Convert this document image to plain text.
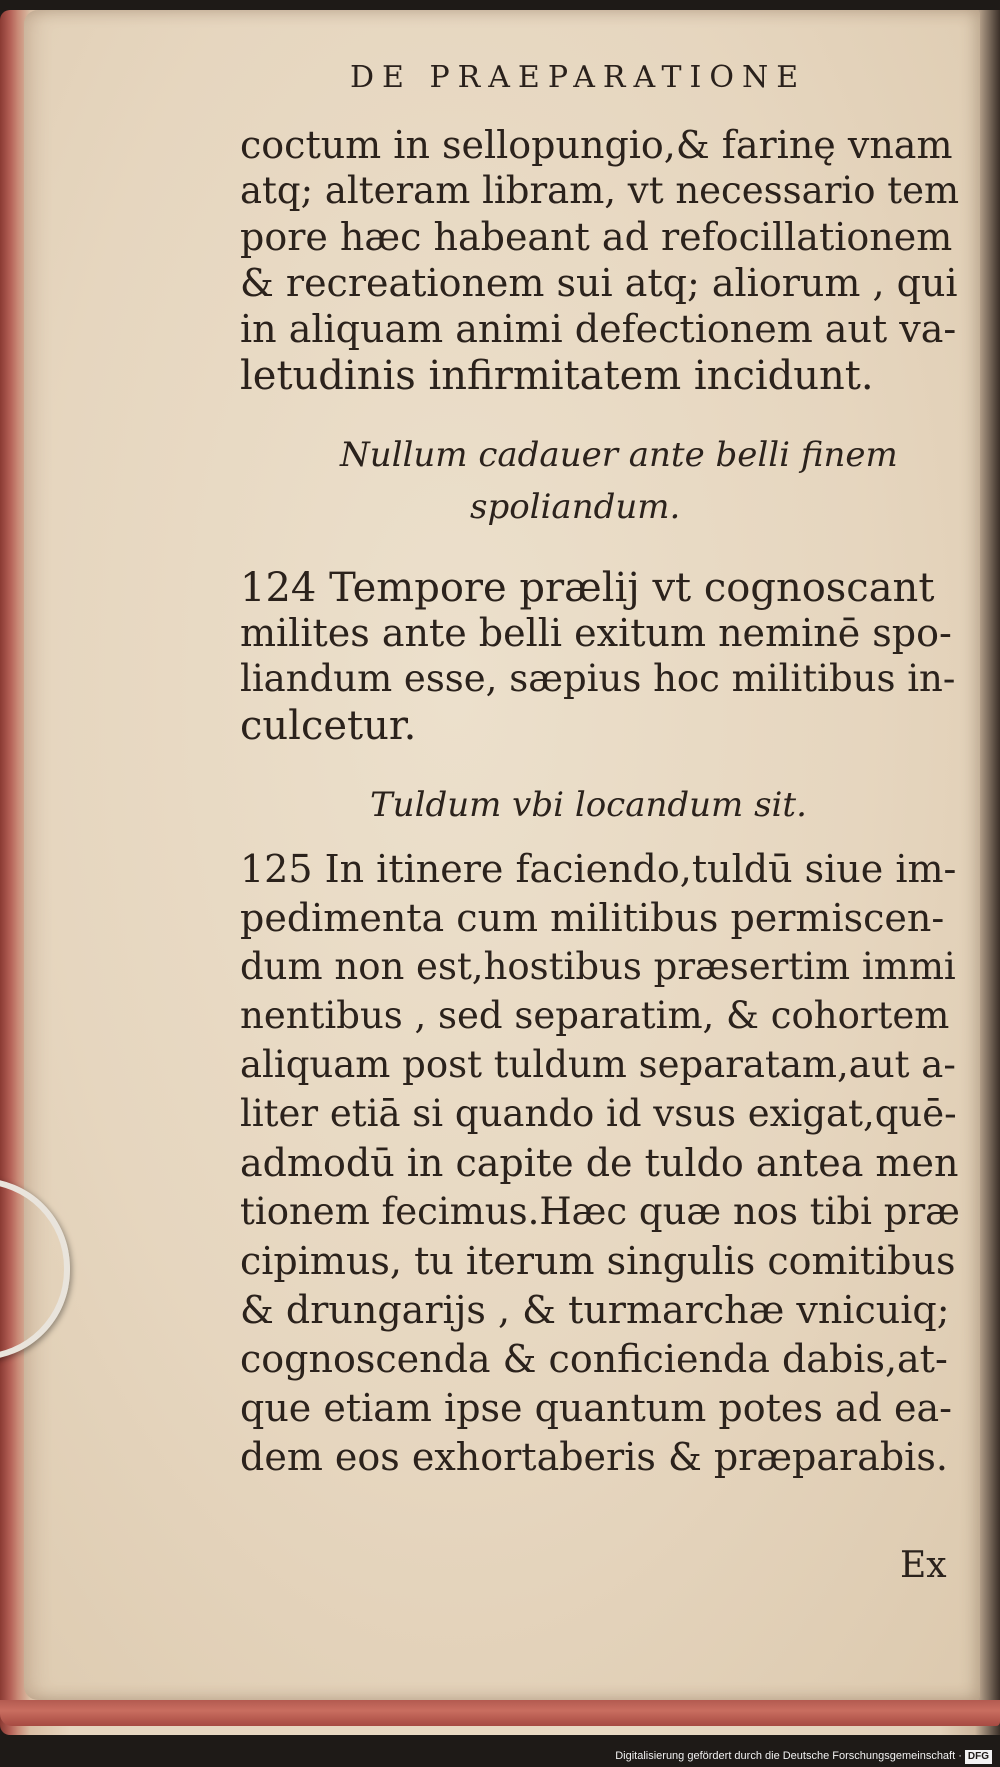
DE PRAEPARATIONE
coctum in sellopungio,& farinę vnam
atq; alteram libram, vt necessario tem
pore hæc habeant ad refocillationem
& recreationem sui atq; aliorum , qui
in aliquam animi defectionem aut va-
letudinis infirmitatem incidunt.
Nullum cadauer ante belli finem
spoliandum.
124 Tempore prælij vt cognoscant
milites ante belli exitum neminē spo-
liandum esse, sæpius hoc militibus in-
culcetur.
Tuldum vbi locandum sit.
125 In itinere faciendo,tuldū siue im-
pedimenta cum militibus permiscen-
dum non est,hostibus præsertim immi
nentibus , sed separatim, & cohortem
aliquam post tuldum separatam,aut a-
liter etiā si quando id vsus exigat,quē-
admodū in capite de tuldo antea men
tionem fecimus.Hæc quæ nos tibi præ
cipimus, tu iterum singulis comitibus
& drungarijs , & turmarchæ vnicuiq;
cognoscenda & conficienda dabis,at-
que etiam ipse quantum potes ad ea-
dem eos exhortaberis & præparabis.
Ex
Digitalisierung gefördert durch die Deutsche Forschungsgemeinschaft · DFG
